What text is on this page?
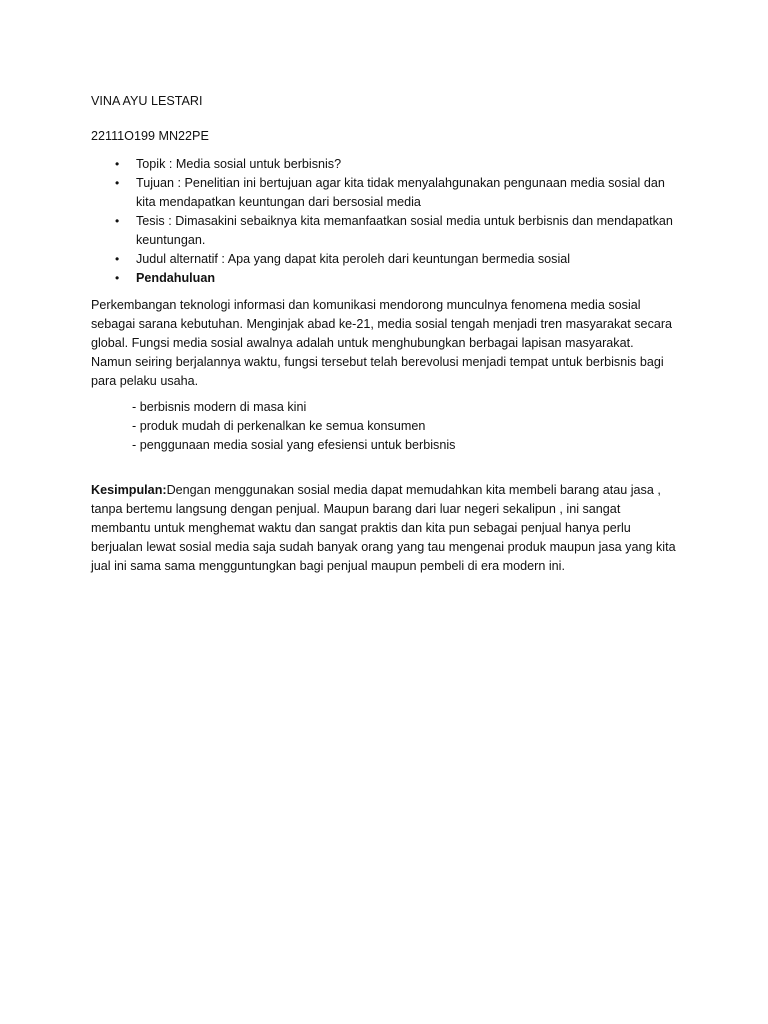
VINA AYU LESTARI
22111O199 MN22PE
• Topik : Media sosial untuk berbisnis?
• Tujuan : Penelitian ini bertujuan agar kita tidak menyalahgunakan pengunaan media sosial dan kita mendapatkan keuntungan dari bersosial media
• Tesis : Dimasakini sebaiknya kita memanfaatkan sosial media untuk berbisnis dan mendapatkan keuntungan.
• Judul alternatif : Apa yang dapat kita peroleh dari keuntungan bermedia sosial
• Pendahuluan

Perkembangan teknologi informasi dan komunikasi mendorong munculnya fenomena media sosial sebagai sarana kebutuhan. Menginjak abad ke-21, media sosial tengah menjadi tren masyarakat secara global. Fungsi media sosial awalnya adalah untuk menghubungkan berbagai lapisan masyarakat. Namun seiring berjalannya waktu, fungsi tersebut telah berevolusi menjadi tempat untuk berbisnis bagi para pelaku usaha.

- berbisnis modern di masa kini
- produk mudah di perkenalkan ke semua konsumen
- penggunaan media sosial yang efesiensi untuk berbisnis

Kesimpulan:Dengan menggunakan sosial media dapat memudahkan kita membeli barang atau jasa , tanpa bertemu langsung dengan penjual. Maupun barang dari luar negeri sekalipun , ini sangat membantu untuk menghemat waktu dan sangat praktis dan kita pun sebagai penjual hanya perlu berjualan lewat sosial media saja sudah banyak orang yang tau mengenai produk maupun jasa yang kita jual ini sama sama mengguntungkan bagi penjual maupun pembeli di era modern ini.
